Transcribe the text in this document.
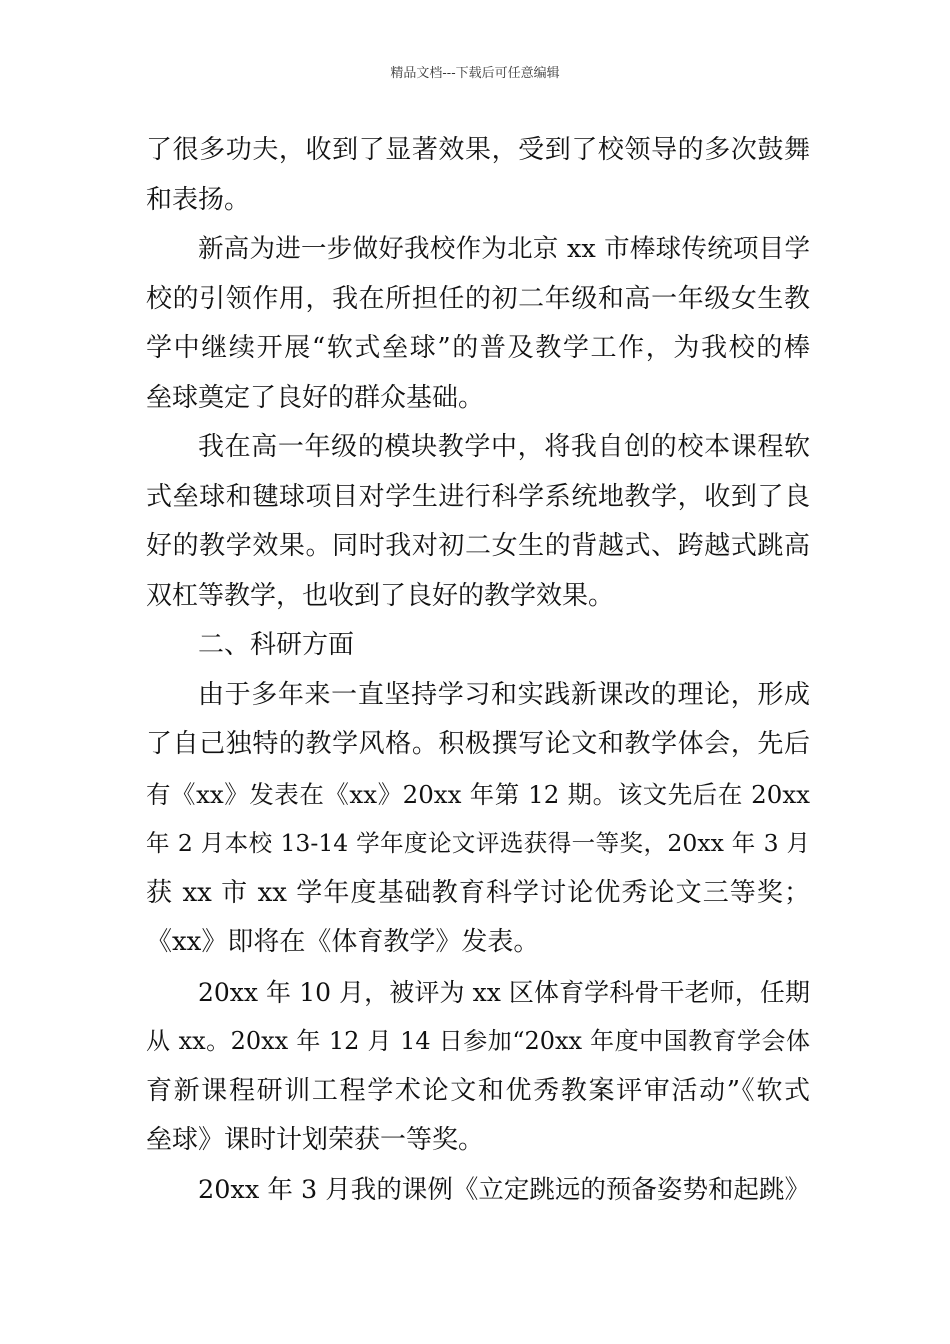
精品文档---下载后可任意编辑
了很多功夫，收到了显著效果，受到了校领导的多次鼓舞
和表扬。
新高为进一步做好我校作为北京 xx 市棒球传统项目学
校的引领作用，我在所担任的初二年级和高一年级女生教
学中继续开展“软式垒球”的普及教学工作，为我校的棒
垒球奠定了良好的群众基础。
我在高一年级的模块教学中，将我自创的校本课程软
式垒球和毽球项目对学生进行科学系统地教学，收到了良
好的教学效果。同时我对初二女生的背越式、跨越式跳高
双杠等教学，也收到了良好的教学效果。
二、科研方面
由于多年来一直坚持学习和实践新课改的理论，形成
了自己独特的教学风格。积极撰写论文和教学体会，先后
有《xx》发表在《xx》20xx 年第 12 期。该文先后在 20xx
年 2 月本校 13-14 学年度论文评选获得一等奖，20xx 年 3 月
获 xx 市 xx 学年度基础教育科学讨论优秀论文三等奖；
《xx》即将在《体育教学》发表。
20xx 年 10 月，被评为 xx 区体育学科骨干老师，任期
从 xx。20xx 年 12 月 14 日参加“20xx 年度中国教育学会体
育新课程研训工程学术论文和优秀教案评审活动”《软式
垒球》课时计划荣获一等奖。
20xx 年 3 月我的课例《立定跳远的预备姿势和起跳》
